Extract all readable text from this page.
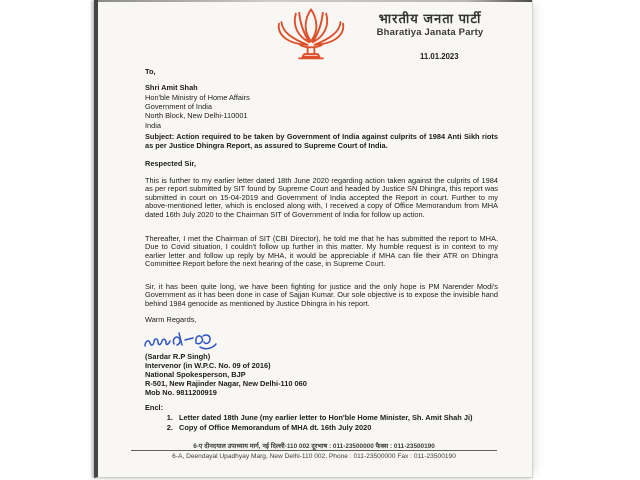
भारतीय जनता पार्टी
Bharatiya Janata Party
11.01.2023
To,
Shri Amit Shah
Hon'ble Ministry of Home Affairs
Government of India
North Block, New Delhi-110001
India
Subject: Action required to be taken by Government of India against culprits of 1984 Anti Sikh riots as per Justice Dhingra Report, as assured to Supreme Court of India.
Respected Sir,
This is further to my earlier letter dated 18th June 2020 regarding action taken against the culprits of 1984 as per report submitted by SIT found by Supreme Court and headed by Justice SN Dhingra, this report was submitted in court on 15-04-2019 and Government of India accepted the Report in court. Further to my above-mentioned letter, which is enclosed along with, I received a copy of Office Memorandum from MHA dated 16th July 2020 to the Chairman SIT of Government of India for follow up action.
Thereafter, I met the Chairman of SIT (CBI Director), he told me that he has submitted the report to MHA. Due to Covid situation, I couldn't follow up further in this matter. My humble request is in context to my earlier letter and follow up reply by MHA, it would be appreciable if MHA can file their ATR on Dhingra Committee Report before the next hearing of the case, in Supreme Court.
Sir, it has been quite long, we have been fighting for justice and the only hope is PM Narender Modi's Government as it has been done in case of Sajjan Kumar. Our sole objective is to expose the invisible hand behind 1984 genocide as mentioned by Justice Dhingra in his report.
Warm Regards,
(Sardar R.P Singh)
Intervenor (in W.P.C. No. 09 of 2016)
National Spokesperson, BJP
R-501, New Rajinder Nagar, New Delhi-110 060
Mob No. 9811200919
Encl:
1. Letter dated 18th June (my earlier letter to Hon'ble Home Minister, Sh. Amit Shah Ji)
2. Copy of Office Memorandum of MHA dt. 16th July 2020
6-ए दीनदयाल उपाध्याय मार्ग, नई दिल्ली-110 002 दूरभाष : 011-23500000 फैक्स : 011-23500190
6-A, Deendayal Upadhyay Marg, New Delhi-110 002, Phone : 011-23500000 Fax : 011-23500190
